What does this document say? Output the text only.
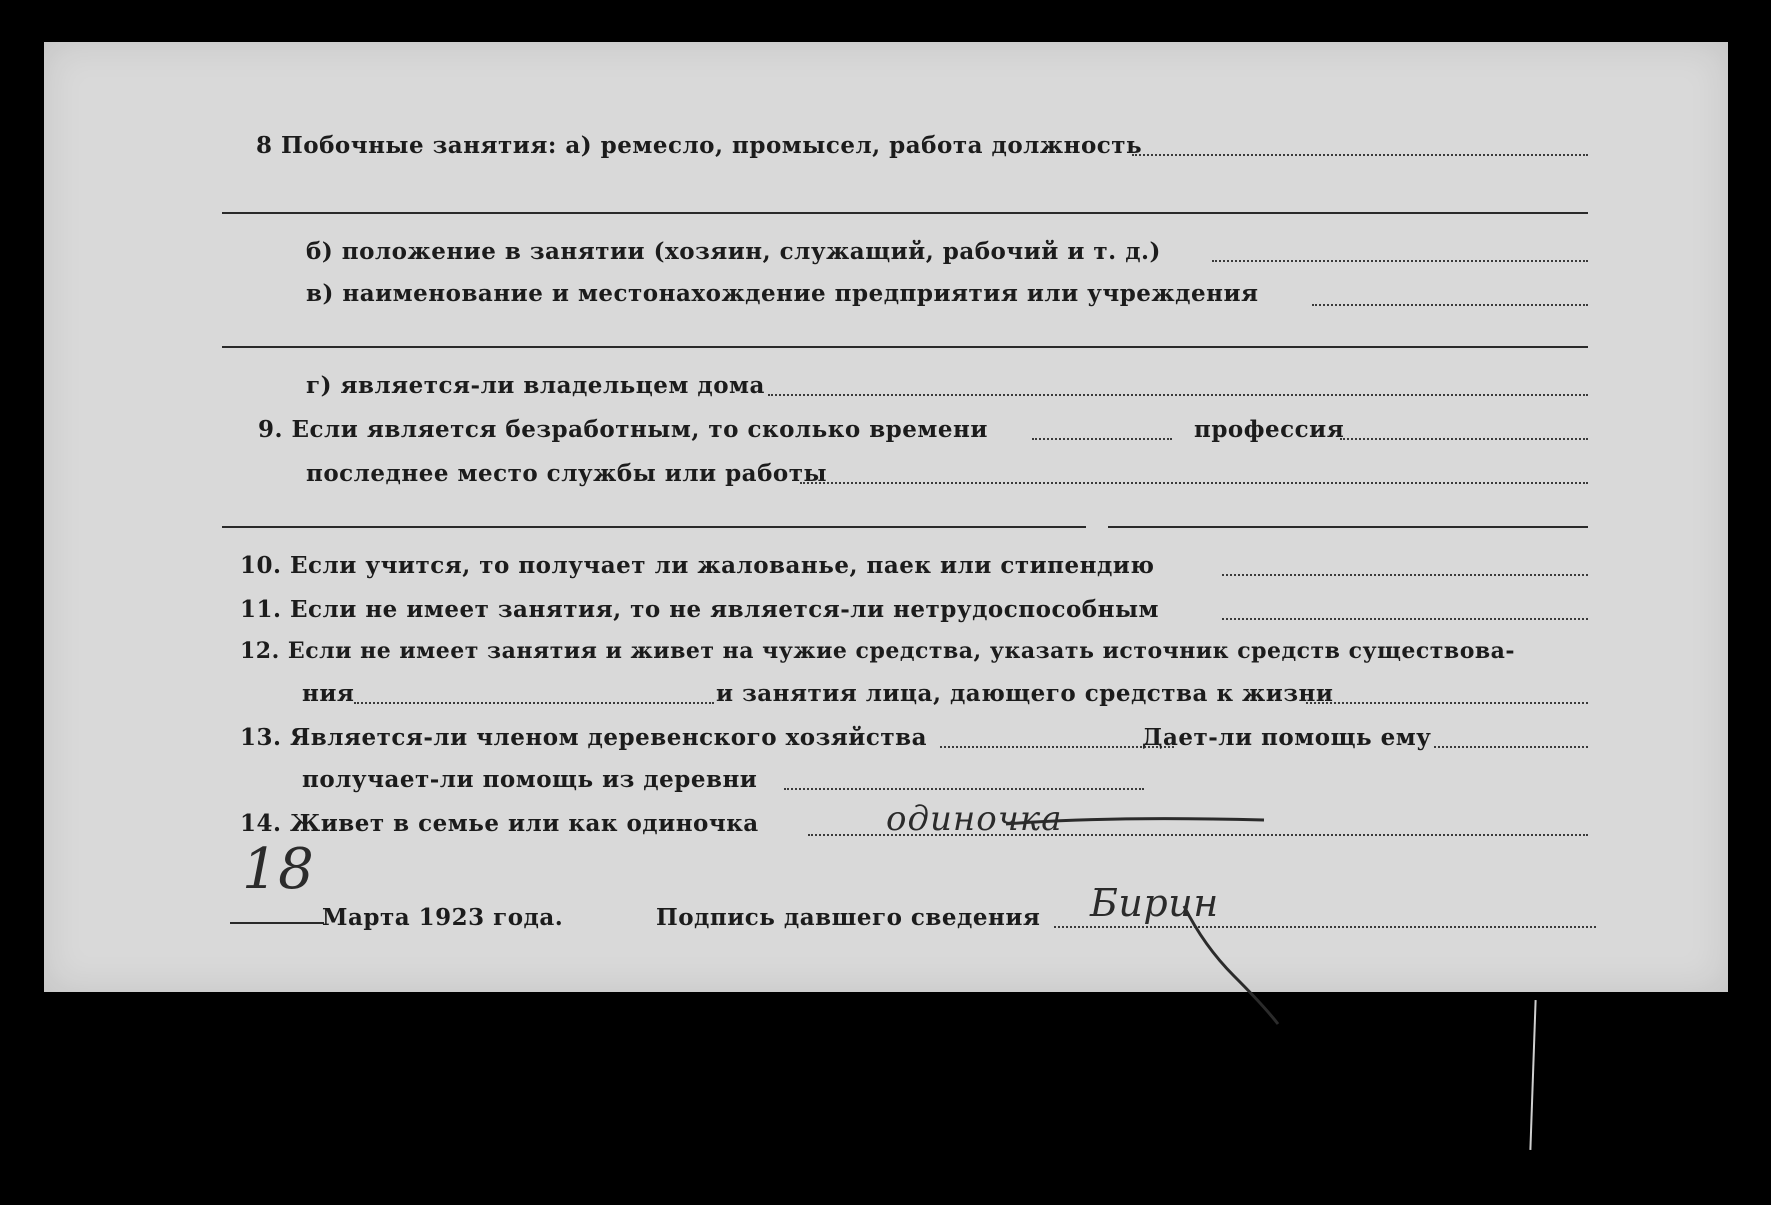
8 Побочные занятия: а) ремесло, промысел, работа должность
б) положение в занятии (хозяин, служащий, рабочий и т. д.)
в) наименование и местонахождение предприятия или учреждения
г) является-ли владельцем дома
9. Если является безработным, то сколько времени	профессия
последнее место службы или работы
10. Если учится, то получает ли жалованье, паек или стипендию
11. Если не имеет занятия, то не является-ли нетрудоспособным
12. Если не имеет занятия и живет на чужие средства, указать источник средств существова-
ния	и занятия лица, дающего средства к жизни
13. Является-ли членом деревенского хозяйства	Дает-ли помощь ему
получает-ли помощь из деревни
14. Живет в семье или как одиночка	одиночка
18
Марта 1923 года.	Подпись давшего сведения Бирин
